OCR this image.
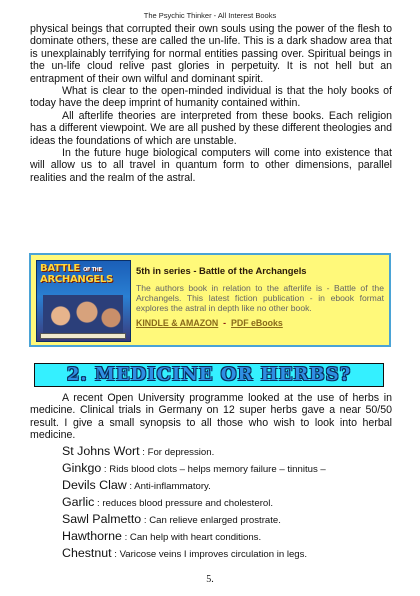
The Psychic Thinker - All Interest Books

physical beings that corrupted their own souls using the power of the flesh to dominate others, these are called the un-life. This is a dark shadow area that is unexplainably terrifying for normal entities passing over. Spiritual beings in the un-life cloud relive past glories in perpetuity. It is not hell but an entrapment of their own wilful and dominant spirit.

What is clear to the open-minded individual is that the holy books of today have the deep imprint of humanity contained within.

All afterlife theories are interpreted from these books. Each religion has a different viewpoint. We are all pushed by these different theologies and ideas the foundations of which are unstable.

In the future huge biological computers will come into existence that will allow us to all travel in quantum form to other dimensions, parallel realities and the realm of the astral.

BATTLE OF THE
ARCHANGELS
5th in series - Battle of the Archangels
The authors book in relation to the afterlife is - Battle of the Archangels. This latest fiction publication - in ebook format explores the astral in depth like no other book.
KINDLE & AMAZON - PDF eBooks
2. MEDICINE OR HERBS?

A recent Open University programme looked at the use of herbs in medicine. Clinical trials in Germany on 12 super herbs gave a near 50/50 result. I give a small synopsis to all those who wish to look into herbal medicine.

St Johns Wort : For depression.
Ginkgo : Rids blood clots – helps memory failure – tinnitus –
Devils Claw : Anti-inflammatory.
Garlic : reduces blood pressure and cholesterol.
Sawl Palmetto : Can relieve enlarged prostrate.
Hawthorne : Can help with heart conditions.
Chestnut : Varicose veins I improves circulation in legs.
5.
